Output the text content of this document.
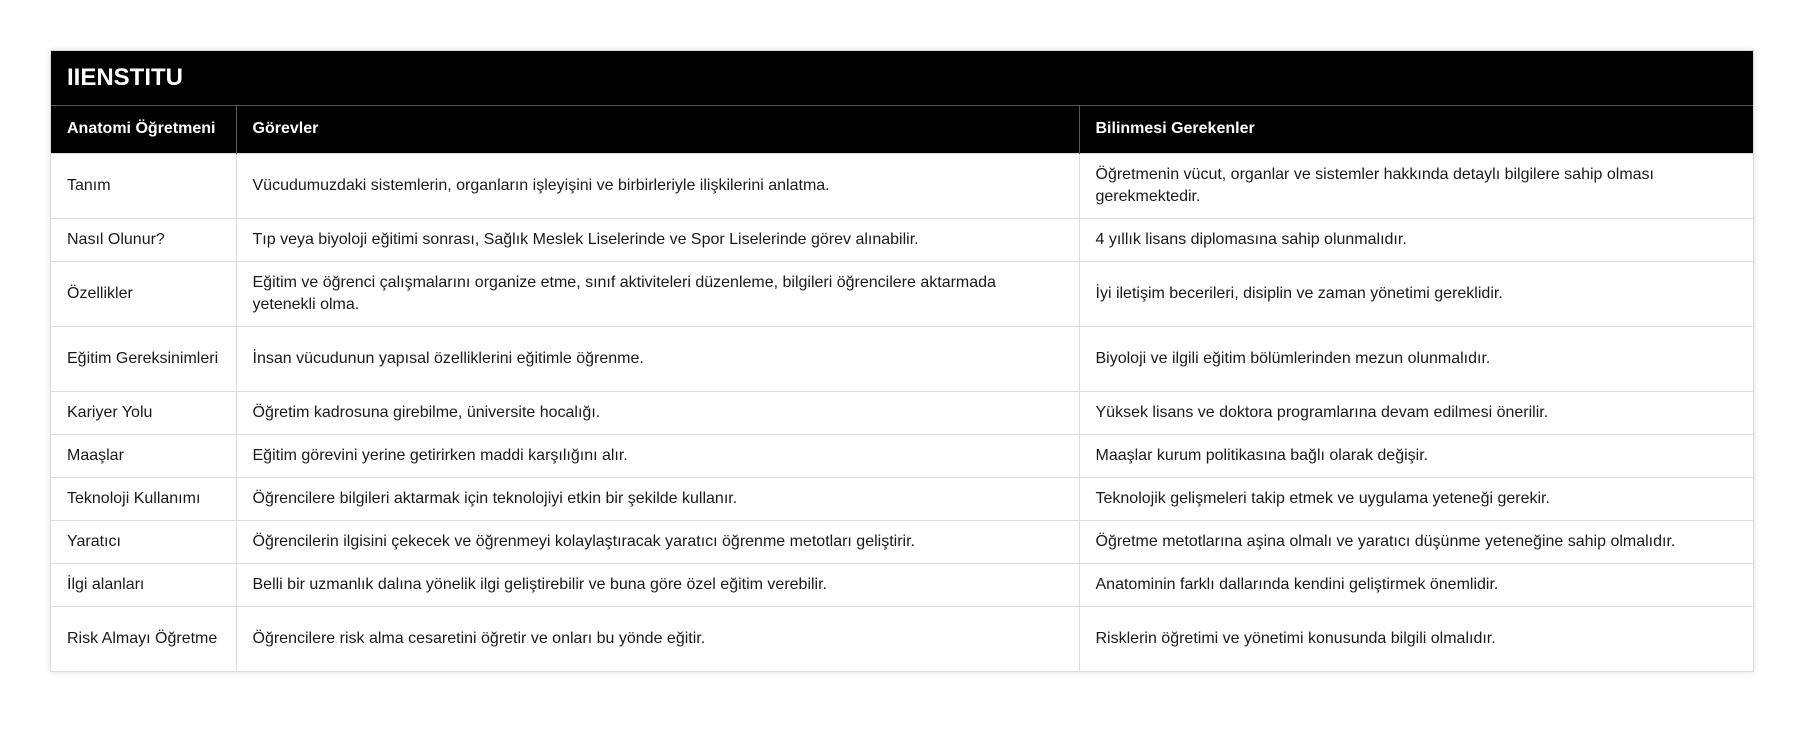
IIENSTITU
Anatomi Öğretmeni	Görevler	Bilinmesi Gerekenler
Tanım	Vücudumuzdaki sistemlerin, organların işleyişini ve birbirleriyle ilişkilerini anlatma.	Öğretmenin vücut, organlar ve sistemler hakkında detaylı bilgilere sahip olması gerekmektedir.
Nasıl Olunur?	Tıp veya biyoloji eğitimi sonrası, Sağlık Meslek Liselerinde ve Spor Liselerinde görev alınabilir.	4 yıllık lisans diplomasına sahip olunmalıdır.
Özellikler	Eğitim ve öğrenci çalışmalarını organize etme, sınıf aktiviteleri düzenleme, bilgileri öğrencilere aktarmada yetenekli olma.	İyi iletişim becerileri, disiplin ve zaman yönetimi gereklidir.
Eğitim Gereksinimleri	İnsan vücudunun yapısal özelliklerini eğitimle öğrenme.	Biyoloji ve ilgili eğitim bölümlerinden mezun olunmalıdır.
Kariyer Yolu	Öğretim kadrosuna girebilme, üniversite hocalığı.	Yüksek lisans ve doktora programlarına devam edilmesi önerilir.
Maaşlar	Eğitim görevini yerine getirirken maddi karşılığını alır.	Maaşlar kurum politikasına bağlı olarak değişir.
Teknoloji Kullanımı	Öğrencilere bilgileri aktarmak için teknolojiyi etkin bir şekilde kullanır.	Teknolojik gelişmeleri takip etmek ve uygulama yeteneği gerekir.
Yaratıcı	Öğrencilerin ilgisini çekecek ve öğrenmeyi kolaylaştıracak yaratıcı öğrenme metotları geliştirir.	Öğretme metotlarına aşina olmalı ve yaratıcı düşünme yeteneğine sahip olmalıdır.
İlgi alanları	Belli bir uzmanlık dalına yönelik ilgi geliştirebilir ve buna göre özel eğitim verebilir.	Anatominin farklı dallarında kendini geliştirmek önemlidir.
Risk Almayı Öğretme	Öğrencilere risk alma cesaretini öğretir ve onları bu yönde eğitir.	Risklerin öğretimi ve yönetimi konusunda bilgili olmalıdır.
